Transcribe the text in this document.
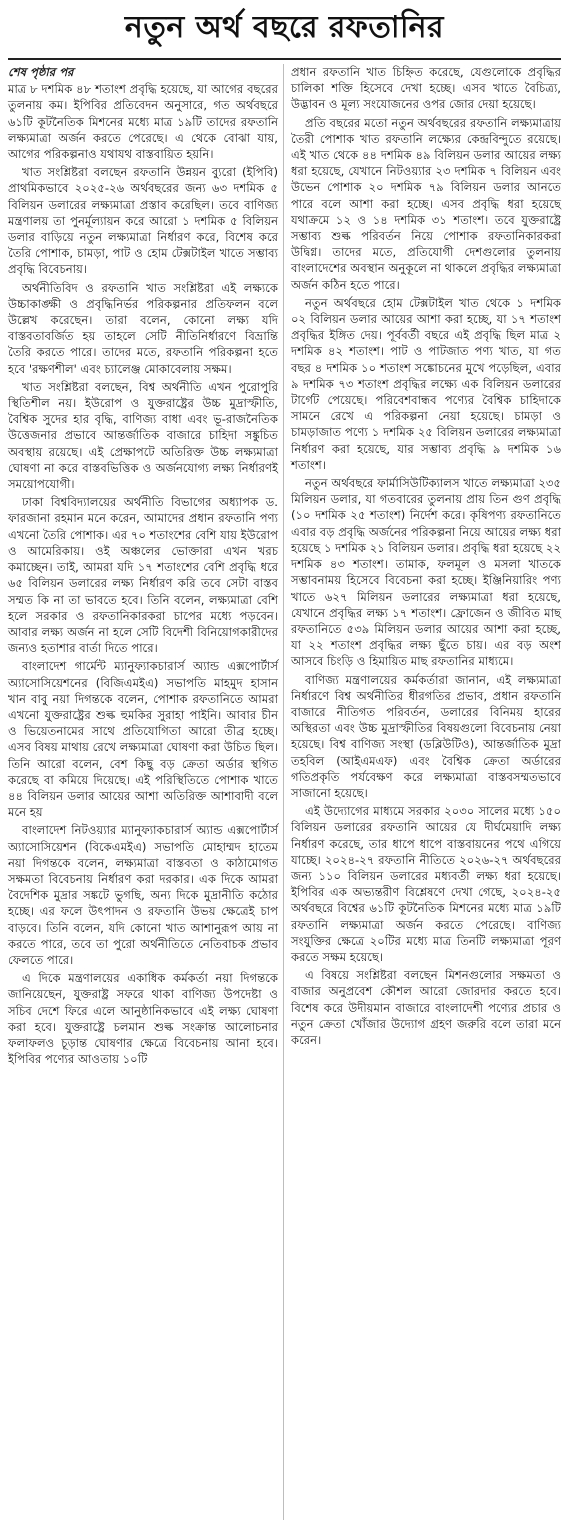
নতুন অর্থ বছরে রফতানির
শেষ পৃষ্ঠার পর

মাত্র ৮ দশমিক ৪৮ শতাংশ প্রবৃদ্ধি হয়েছে, যা আগের বছরের তুলনায় কম। ইপিবির প্রতিবেদন অনুসারে, গত অর্থবছরে ৬১টি কূটনৈতিক মিশনের মধ্যে মাত্র ১৯টি তাদের রফতানি লক্ষ্যমাত্রা অর্জন করতে পেরেছে। এ থেকে বোঝা যায়, আগের পরিকল্পনাও যথাযথ বাস্তবায়িত হয়নি।

খাত সংশ্লিষ্টরা বলছেন রফতানি উন্নয়ন ব্যুরো (ইপিবি) প্রাথমিকভাবে ২০২৫-২৬ অর্থবছরের জন্য ৬৩ দশমিক ৫ বিলিয়ন ডলারের লক্ষ্যমাত্রা প্রস্তাব করেছিল। তবে বাণিজ্য মন্ত্রণালয় তা পুনর্মূল্যায়ন করে আরো ১ দশমিক ৫ বিলিয়ন ডলার বাড়িয়ে নতুন লক্ষ্যমাত্রা নির্ধারণ করে, বিশেষ করে তৈরি পোশাক, চামড়া, পাট ও হোম টেক্সটাইল খাতে সম্ভাব্য প্রবৃদ্ধি বিবেচনায়।

অর্থনীতিবিদ ও রফতানি খাত সংশ্লিষ্টরা এই লক্ষ্যকে উচ্চাকাঙ্ক্ষী ও প্রবৃদ্ধিনির্ভর পরিকল্পনার প্রতিফলন বলে উল্লেখ করেছেন। তারা বলেন, কোনো লক্ষ্য যদি বাস্তবতাবর্জিত হয় তাহলে সেটি নীতিনির্ধারণে বিভ্রান্তি তৈরি করতে পারে। তাদের মতে, রফতানি পরিকল্পনা হতে হবে 'রক্ষণশীল' এবং চ্যালেঞ্জ মোকাবেলায় সক্ষম।

খাত সংশ্লিষ্টরা বলছেন, বিশ্ব অর্থনীতি এখন পুরোপুরি স্থিতিশীল নয়। ইউরোপ ও যুক্তরাষ্ট্রের উচ্চ মুদ্রাস্ফীতি, বৈশ্বিক সুদের হার বৃদ্ধি, বাণিজ্য বাধা এবং ভূ-রাজনৈতিক উত্তেজনার প্রভাবে আন্তর্জাতিক বাজারে চাহিদা সঙ্কুচিত অবস্থায় রয়েছে। এই প্রেক্ষাপটে অতিরিক্ত উচ্চ লক্ষ্যমাত্রা ঘোষণা না করে বাস্তবভিত্তিক ও অর্জনযোগ্য লক্ষ্য নির্ধারণই সময়োপযোগী।

ঢাকা বিশ্ববিদ্যালয়ের অর্থনীতি বিভাগের অধ্যাপক ড. ফারজানা রহমান মনে করেন, আমাদের প্রধান রফতানি পণ্য এখনো তৈরি পোশাক। এর ৭০ শতাংশের বেশি যায় ইউরোপ ও আমেরিকায়। ওই অঞ্চলের ভোক্তারা এখন খরচ কমাচ্ছেন। তাই, আমরা যদি ১৭ শতাংশের বেশি প্রবৃদ্ধি ধরে ৬৫ বিলিয়ন ডলারের লক্ষ্য নির্ধারণ করি তবে সেটা বাস্তব সম্মত কি না তা ভাবতে হবে। তিনি বলেন, লক্ষ্যমাত্রা বেশি হলে সরকার ও রফতানিকারকরা চাপের মধ্যে পড়বেন। আবার লক্ষ্য অর্জন না হলে সেটি বিদেশী বিনিয়োগকারীদের জন্যও হতাশার বার্তা দিতে পারে।

বাংলাদেশ গার্মেন্ট ম্যানুফ্যাকচারার্স অ্যান্ড এক্সপোর্টার্স অ্যাসোসিয়েশনের (বিজিএমইএ) সভাপতি মাহমুদ হাসান খান বাবু নয়া দিগন্তকে বলেন, পোশাক রফতানিতে আমরা এখনো যুক্তরাষ্ট্রের শুল্ক হুমকির সুরাহা পাইনি। আবার চীন ও ভিয়েতনামের সাথে প্রতিযোগিতা আরো তীব্র হচ্ছে। এসব বিষয় মাথায় রেখে লক্ষ্যমাত্রা ঘোষণা করা উচিত ছিল। তিনি আরো বলেন, বেশ কিছু বড় ক্রেতা অর্ডার স্থগিত করেছে বা কমিয়ে দিয়েছে। এই পরিস্থিতিতে পোশাক খাতে ৪৪ বিলিয়ন ডলার আয়ের আশা অতিরিক্ত আশাবাদী বলে মনে হয়

বাংলাদেশ নিটওয়্যার ম্যানুফ্যাকচারার্স অ্যান্ড এক্সপোর্টার্স অ্যাসোসিয়েশন (বিকেএমইএ) সভাপতি মোহাম্মদ হাতেম নয়া দিগন্তকে বলেন, লক্ষ্যমাত্রা বাস্তবতা ও কাঠামোগত সক্ষমতা বিবেচনায় নির্ধারণ করা দরকার। এক দিকে আমরা বৈদেশিক মুদ্রার সঙ্কটে ভুগছি, অন্য দিকে মুদ্রানীতি কঠোর হচ্ছে। এর ফলে উৎপাদন ও রফতানি উভয় ক্ষেত্রেই চাপ বাড়বে। তিনি বলেন, যদি কোনো খাত আশানুরূপ আয় না করতে পারে, তবে তা পুরো অর্থনীতিতে নেতিবাচক প্রভাব ফেলতে পারে।

এ দিকে মন্ত্রণালয়ের একাধিক কর্মকর্তা নয়া দিগন্তকে জানিয়েছেন, যুক্তরাষ্ট্র সফরে থাকা বাণিজ্য উপদেষ্টা ও সচিব দেশে ফিরে এলে আনুষ্ঠানিকভাবে এই লক্ষ্য ঘোষণা করা হবে। যুক্তরাষ্ট্রে চলমান শুল্ক সংক্রান্ত আলোচনার ফলাফলও চূড়ান্ত ঘোষণার ক্ষেত্রে বিবেচনায় আনা হবে। ইপিবির পণ্যের আওতায় ১০টি

প্রধান রফতানি খাত চিহ্নিত করেছে, যেগুলোকে প্রবৃদ্ধির চালিকা শক্তি হিসেবে দেখা হচ্ছে। এসব খাতে বৈচিত্র্য, উদ্ভাবন ও মূল্য সংযোজনের ওপর জোর দেয়া হয়েছে।

প্রতি বছরের মতো নতুন অর্থবছরের রফতানি লক্ষ্যমাত্রায় তৈরী পোশাক খাত রফতানি লক্ষ্যের কেন্দ্রবিন্দুতে রয়েছে। এই খাত থেকে ৪৪ দশমিক ৪৯ বিলিয়ন ডলার আয়ের লক্ষ্য ধরা হয়েছে, যেখানে নিটওয়্যার ২৩ দশমিক ৭ বিলিয়ন এবং উভেন পোশাক ২০ দশমিক ৭৯ বিলিয়ন ডলার আনতে পারে বলে আশা করা হচ্ছে। এসব প্রবৃদ্ধি ধরা হয়েছে যথাক্রমে ১২ ও ১৪ দশমিক ৩১ শতাংশ। তবে যুক্তরাষ্ট্রে সম্ভাব্য শুল্ক পরিবর্তন নিয়ে পোশাক রফতানিকারকরা উদ্বিগ্ন। তাদের মতে, প্রতিযোগী দেশগুলোর তুলনায় বাংলাদেশের অবস্থান অনুকূলে না থাকলে প্রবৃদ্ধির লক্ষ্যমাত্রা অর্জন কঠিন হতে পারে।

নতুন অর্থবছরে হোম টেক্সটাইল খাত থেকে ১ দশমিক ০২ বিলিয়ন ডলার আয়ের আশা করা হচ্ছে, যা ১৭ শতাংশ প্রবৃদ্ধির ইঙ্গিত দেয়। পূর্ববর্তী বছরে এই প্রবৃদ্ধি ছিল মাত্র ২ দশমিক ৪২ শতাংশ। পাট ও পাটজাত পণ্য খাত, যা গত বছর ৪ দশমিক ১০ শতাংশ সঙ্কোচনের মুখে পড়েছিল, এবার ৯ দশমিক ৭৩ শতাংশ প্রবৃদ্ধির লক্ষ্যে এক বিলিয়ন ডলারের টার্গেট পেয়েছে। পরিবেশবান্ধব পণ্যের বৈশ্বিক চাহিদাকে সামনে রেখে এ পরিকল্পনা নেয়া হয়েছে। চামড়া ও চামড়াজাত পণ্যে ১ দশমিক ২৫ বিলিয়ন ডলারের লক্ষ্যমাত্রা নির্ধারণ করা হয়েছে, যার সম্ভাব্য প্রবৃদ্ধি ৯ দশমিক ১৬ শতাংশ।

নতুন অর্থবছরে ফার্মাসিউটিক্যালস খাতে লক্ষ্যমাত্রা ২৩৫ মিলিয়ন ডলার, যা গতবারের তুলনায় প্রায় তিন গুণ প্রবৃদ্ধি (১০ দশমিক ২৫ শতাংশ) নির্দেশ করে। কৃষিপণ্য রফতানিতে এবার বড় প্রবৃদ্ধি অর্জনের পরিকল্পনা নিয়ে আয়ের লক্ষ্য ধরা হয়েছে ১ দশমিক ২১ বিলিয়ন ডলার। প্রবৃদ্ধি ধরা হয়েছে ২২ দশমিক ৪৩ শতাংশ। তামাক, ফলমূল ও মসলা খাতকে সম্ভাবনাময় হিসেবে বিবেচনা করা হচ্ছে। ইঞ্জিনিয়ারিং পণ্য খাতে ৬২৭ মিলিয়ন ডলারের লক্ষ্যমাত্রা ধরা হয়েছে, যেখানে প্রবৃদ্ধির লক্ষ্য ১৭ শতাংশ। ফ্রোজেন ও জীবিত মাছ রফতানিতে ৫৩৯ মিলিয়ন ডলার আয়ের আশা করা হচ্ছে, যা ২২ শতাংশ প্রবৃদ্ধির লক্ষ্য ছুঁতে চায়। এর বড় অংশ আসবে চিংড়ি ও হিমায়িত মাছ রফতানির মাধ্যমে।

বাণিজ্য মন্ত্রণালয়ের কর্মকর্তারা জানান, এই লক্ষ্যমাত্রা নির্ধারণে বিশ্ব অর্থনীতির ধীরগতির প্রভাব, প্রধান রফতানি বাজারে নীতিগত পরিবর্তন, ডলারের বিনিময় হারের অস্থিরতা এবং উচ্চ মুদ্রাস্ফীতির বিষয়গুলো বিবেচনায় নেয়া হয়েছে। বিশ্ব বাণিজ্য সংস্থা (ডব্লিউটিও), আন্তর্জাতিক মুদ্রা তহবিল (আইএমএফ) এবং বৈশ্বিক ক্রেতা অর্ডারের গতিপ্রকৃতি পর্যবেক্ষণ করে লক্ষ্যমাত্রা বাস্তবসম্মতভাবে সাজানো হয়েছে।

এই উদ্যোগের মাধ্যমে সরকার ২০৩০ সালের মধ্যে ১৫০ বিলিয়ন ডলারের রফতানি আয়ের যে দীর্ঘমেয়াদি লক্ষ্য নির্ধারণ করেছে, তার ধাপে ধাপে বাস্তবায়নের পথে এগিয়ে যাচ্ছে। ২০২৪-২৭ রফতানি নীতিতে ২০২৬-২৭ অর্থবছরের জন্য ১১০ বিলিয়ন ডলারের মধ্যবর্তী লক্ষ্য ধরা হয়েছে। ইপিবির এক অভ্যন্তরীণ বিশ্লেষণে দেখা গেছে, ২০২৪-২৫ অর্থবছরে বিশ্বের ৬১টি কূটনৈতিক মিশনের মধ্যে মাত্র ১৯টি রফতানি লক্ষ্যমাত্রা অর্জন করতে পেরেছে। বাণিজ্য সংযুক্তির ক্ষেত্রে ২০টির মধ্যে মাত্র তিনটি লক্ষ্যমাত্রা পূরণ করতে সক্ষম হয়েছে।

এ বিষয়ে সংশ্লিষ্টরা বলছেন মিশনগুলোর সক্ষমতা ও বাজার অনুপ্রবেশ কৌশল আরো জোরদার করতে হবে। বিশেষ করে উদীয়মান বাজারে বাংলাদেশী পণ্যের প্রচার ও নতুন ক্রেতা খোঁজার উদ্যোগ গ্রহণ জরুরি বলে তারা মনে করেন।
